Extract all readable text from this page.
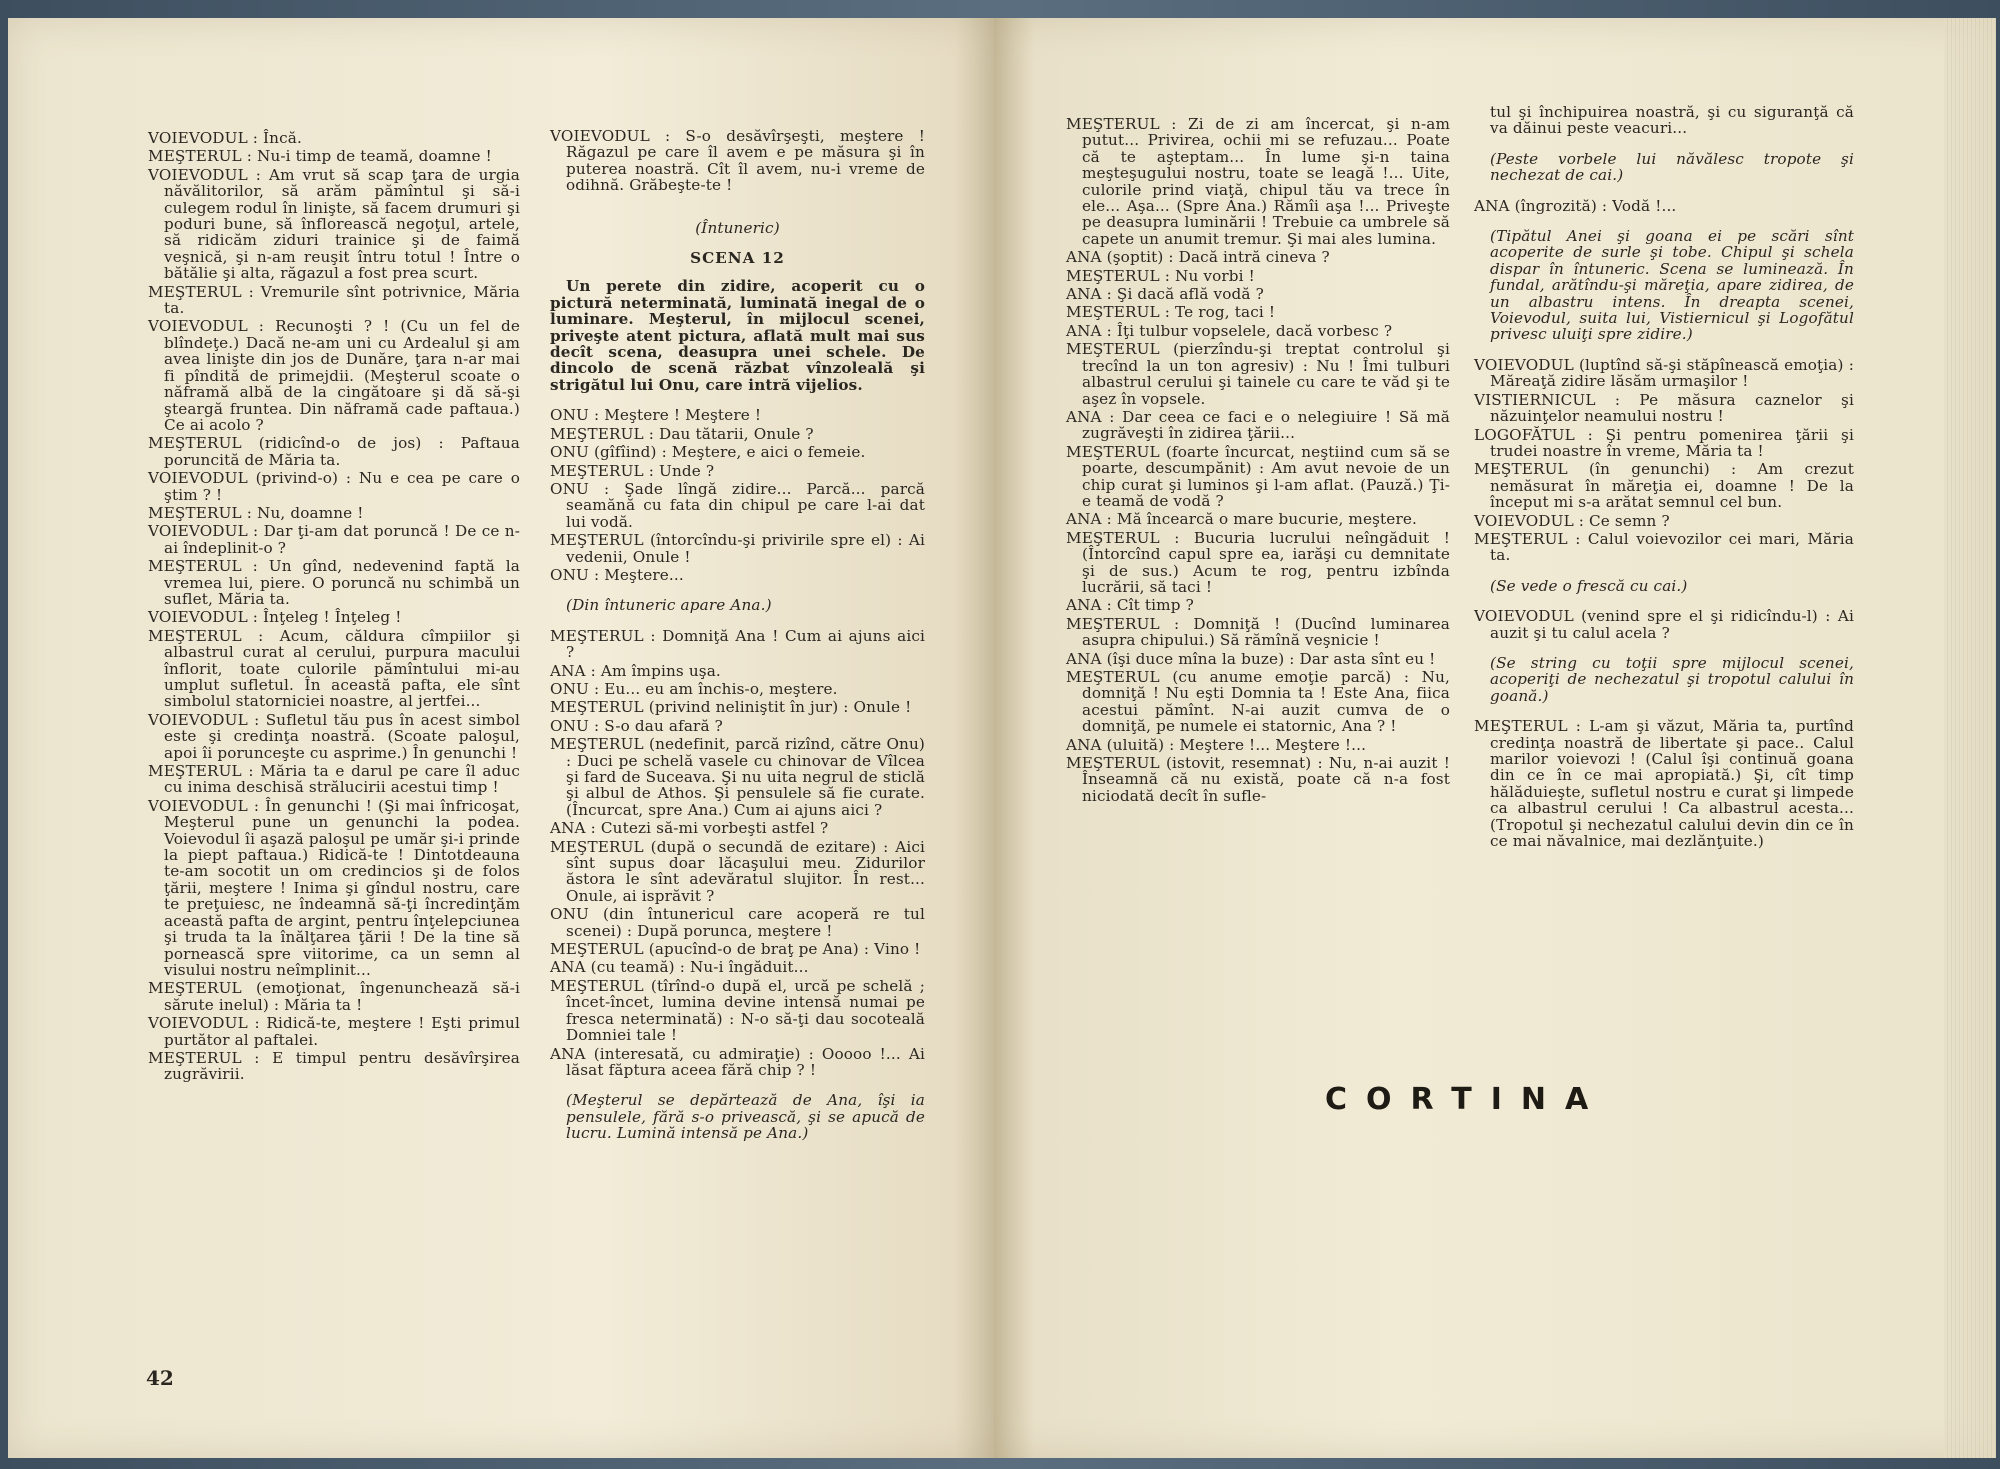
VOIEVODUL : Încă.

MEŞTERUL : Nu-i timp de teamă, doamne !

VOIEVODUL : Am vrut să scap ţara de urgia năvălitorilor, să arăm pămîntul şi să-i culegem rodul în linişte, să facem drumuri şi poduri bune, să înflorească negoţul, artele, să ridicăm ziduri trainice şi de faimă veşnică, şi n-am reuşit întru totul ! Între o bătălie şi alta, răgazul a fost prea scurt.

MEŞTERUL : Vremurile sînt potrivnice, Măria ta.

VOIEVODUL : Recunoşti ? ! (Cu un fel de blîndeţe.) Dacă ne-am uni cu Ardealul şi am avea linişte din jos de Dunăre, ţara n-ar mai fi pîndită de primejdii. (Meşterul scoate o năframă albă de la cingătoare şi dă să-şi şteargă fruntea. Din năframă cade paftaua.) Ce ai acolo ?

MEŞTERUL (ridicînd-o de jos) : Paftaua poruncită de Măria ta.

VOIEVODUL (privind-o) : Nu e cea pe care o ştim ? !

MEŞTERUL : Nu, doamne !

VOIEVODUL : Dar ţi-am dat poruncă ! De ce n-ai îndeplinit-o ?

MEŞTERUL : Un gînd, nedevenind faptă la vremea lui, piere. O poruncă nu schimbă un suflet, Măria ta.

VOIEVODUL : Înţeleg ! Înţeleg !

MEŞTERUL : Acum, căldura cîmpiilor şi albastrul curat al cerului, purpura macului înflorit, toate culorile pămîntului mi-au umplut sufletul. În această pafta, ele sînt simbolul statorniciei noastre, al jertfei...

VOIEVODUL : Sufletul tău pus în acest simbol este şi credinţa noastră. (Scoate paloşul, apoi îi porunceşte cu asprime.) În genunchi !

MEŞTERUL : Măria ta e darul pe care îl aduc cu inima deschisă strălucirii acestui timp !

VOIEVODUL : În genunchi ! (Şi mai înfricoşat, Meşterul pune un genunchi la podea. Voievodul îi aşază paloşul pe umăr şi-i prinde la piept paftaua.) Ridică-te ! Dintotdeauna te-am socotit un om credincios şi de folos ţării, meştere ! Inima şi gîndul nostru, care te preţuiesc, ne îndeamnă să-ţi încredinţăm această pafta de argint, pentru înţelepciunea şi truda ta la înălţarea ţării ! De la tine să pornească spre viitorime, ca un semn al visului nostru neîmplinit...

MEŞTERUL (emoţionat, îngenunchează să-i sărute inelul) : Măria ta !

VOIEVODUL : Ridică-te, meştere ! Eşti primul purtător al paftalei.

MEŞTERUL : E timpul pentru desăvîrşirea zugrăvirii.

VOIEVODUL : S-o desăvîrşeşti, meştere ! Răgazul pe care îl avem e pe măsura şi în puterea noastră. Cît îl avem, nu-i vreme de odihnă. Grăbeşte-te !

(Întuneric)

SCENA 12

Un perete din zidire, acoperit cu o pictură neterminată, luminată inegal de o luminare. Meşterul, în mijlocul scenei, priveşte atent pictura, aflată mult mai sus decît scena, deasupra unei schele. De dincolo de scenă răzbat vînzoleală şi strigătul lui Onu, care intră vijelios.

ONU : Meştere ! Meştere !

MEŞTERUL : Dau tătarii, Onule ?

ONU (gîfîind) : Meştere, e aici o femeie.

MEŞTERUL : Unde ?

ONU : Şade lîngă zidire... Parcă... parcă seamănă cu fata din chipul pe care l-ai dat lui vodă.

MEŞTERUL (întorcîndu-şi privirile spre el) : Ai vedenii, Onule !

ONU : Meştere...

(Din întuneric apare Ana.)

MEŞTERUL : Domniţă Ana ! Cum ai ajuns aici ?

ANA : Am împins uşa.

ONU : Eu... eu am închis-o, meştere.

MEŞTERUL (privind neliniştit în jur) : Onule !

ONU : S-o dau afară ?

MEŞTERUL (nedefinit, parcă rizînd, către Onu) : Duci pe schelă vasele cu chinovar de Vîlcea şi fard de Suceava. Şi nu uita negrul de sticlă şi albul de Athos. Şi pensulele să fie curate. (Încurcat, spre Ana.) Cum ai ajuns aici ?

ANA : Cutezi să-mi vorbeşti astfel ?

MEŞTERUL (după o secundă de ezitare) : Aici sînt supus doar lăcaşului meu. Zidurilor ăstora le sînt adevăratul slujitor. În rest... Onule, ai isprăvit ?

ONU (din întunericul care acoperă re tul scenei) : După porunca, meştere !

MEŞTERUL (apucînd-o de braţ pe Ana) : Vino !

ANA (cu teamă) : Nu-i îngăduit...

MEŞTERUL (tîrînd-o după el, urcă pe schelă ; încet-încet, lumina devine intensă numai pe fresca neterminată) : N-o să-ţi dau socoteală Domniei tale !

ANA (interesată, cu admiraţie) : Ooooo !... Ai lăsat făptura aceea fără chip ? !

(Meşterul se depărtează de Ana, îşi ia pensulele, fără s-o privească, şi se apucă de lucru. Lumină intensă pe Ana.)

MEŞTERUL : Zi de zi am încercat, şi n-am putut... Privirea, ochii mi se refuzau... Poate că te aşteptam... În lume şi-n taina meşteşugului nostru, toate se leagă !... Uite, culorile prind viaţă, chipul tău va trece în ele... Aşa... (Spre Ana.) Rămîi aşa !... Priveşte pe deasupra luminării ! Trebuie ca umbrele să capete un anumit tremur. Şi mai ales lumina.

ANA (şoptit) : Dacă intră cineva ?

MEŞTERUL : Nu vorbi !

ANA : Şi dacă află vodă ?

MEŞTERUL : Te rog, taci !

ANA : Îţi tulbur vopselele, dacă vorbesc ?

MEŞTERUL (pierzîndu-şi treptat controlul şi trecînd la un ton agresiv) : Nu ! Îmi tulburi albastrul cerului şi tainele cu care te văd şi te aşez în vopsele.

ANA : Dar ceea ce faci e o nelegiuire ! Să mă zugrăveşti în zidirea ţării...

MEŞTERUL (foarte încurcat, neştiind cum să se poarte, descumpănit) : Am avut nevoie de un chip curat şi luminos şi l-am aflat. (Pauză.) Ţi-e teamă de vodă ?

ANA : Mă încearcă o mare bucurie, meştere.

MEŞTERUL : Bucuria lucrului neîngăduit ! (Întorcînd capul spre ea, iarăşi cu demnitate şi de sus.) Acum te rog, pentru izbînda lucrării, să taci !

ANA : Cît timp ?

MEŞTERUL : Domniţă ! (Ducînd luminarea asupra chipului.) Să rămînă veşnicie !

ANA (îşi duce mîna la buze) : Dar asta sînt eu !

MEŞTERUL (cu anume emoţie parcă) : Nu, domniţă ! Nu eşti Domnia ta ! Este Ana, fiica acestui pămînt. N-ai auzit cumva de o domniţă, pe numele ei statornic, Ana ? !

ANA (uluită) : Meştere !... Meştere !...

MEŞTERUL (istovit, resemnat) : Nu, n-ai auzit ! Înseamnă că nu există, poate că n-a fost niciodată decît în sufle-

tul şi închipuirea noastră, şi cu siguranţă că va dăinui peste veacuri...

(Peste vorbele lui năvălesc tropote şi nechezat de cai.)

ANA (îngrozită) : Vodă !...

(Tipătul Anei şi goana ei pe scări sînt acoperite de surle şi tobe. Chipul şi schela dispar în întuneric. Scena se luminează. În fundal, arătîndu-şi măreţia, apare zidirea, de un albastru intens. În dreapta scenei, Voievodul, suita lui, Vistiernicul şi Logofătul privesc uluiţi spre zidire.)

VOIEVODUL (luptînd să-şi stăpînească emoţia) : Măreaţă zidire lăsăm urmaşilor !

VISTIERNICUL : Pe măsura caznelor şi năzuinţelor neamului nostru !

LOGOFĂTUL : Şi pentru pomenirea ţării şi trudei noastre în vreme, Măria ta !

MEŞTERUL (în genunchi) : Am crezut nemăsurat în măreţia ei, doamne ! De la început mi s-a arătat semnul cel bun.

VOIEVODUL : Ce semn ?

MEŞTERUL : Calul voievozilor cei mari, Măria ta.

(Se vede o frescă cu cai.)

VOIEVODUL (venind spre el şi ridicîndu-l) : Ai auzit şi tu calul acela ?

(Se string cu toţii spre mijlocul scenei, acoperiţi de nechezatul şi tropotul calului în goană.)

MEŞTERUL : L-am şi văzut, Măria ta, purtînd credinţa noastră de libertate şi pace.. Calul marilor voievozi ! (Calul îşi continuă goana din ce în ce mai apropiată.) Şi, cît timp hălăduieşte, sufletul nostru e curat şi limpede ca albastrul cerului ! Ca albastrul acesta... (Tropotul şi nechezatul calului devin din ce în ce mai năvalnice, mai dezlănţuite.)

42
CORTINA
